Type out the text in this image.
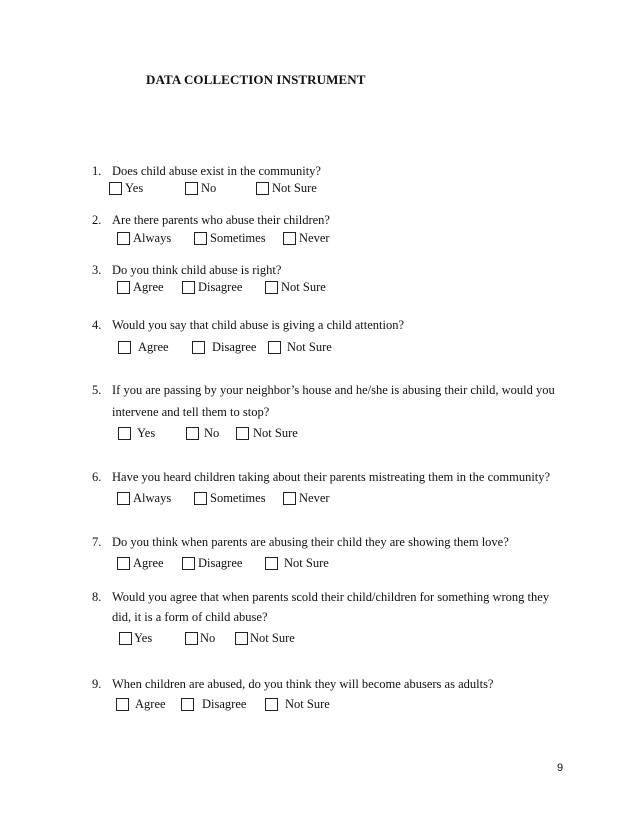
DATA COLLECTION INSTRUMENT
1. Does child abuse exist in the community?
Yes	No	Not Sure
2. Are there parents who abuse their children?
Always	Sometimes	Never
3. Do you think child abuse is right?
Agree	Disagree	Not Sure
4. Would you say that child abuse is giving a child attention?
Agree	Disagree Not Sure
5. If you are passing by your neighbor’s house and he/she is abusing their child, would you
intervene and tell them to stop?
Yes	No	Not Sure
6. Have you heard children taking about their parents mistreating them in the community?
Always	Sometimes	Never
7. Do you think when parents are abusing their child they are showing them love?
Agree	Disagree	Not Sure
8. Would you agree that when parents scold their child/children for something wrong they
did, it is a form of child abuse?
Yes	No	Not Sure
9. When children are abused, do you think they will become abusers as adults?
Agree	Disagree	Not Sure
9
